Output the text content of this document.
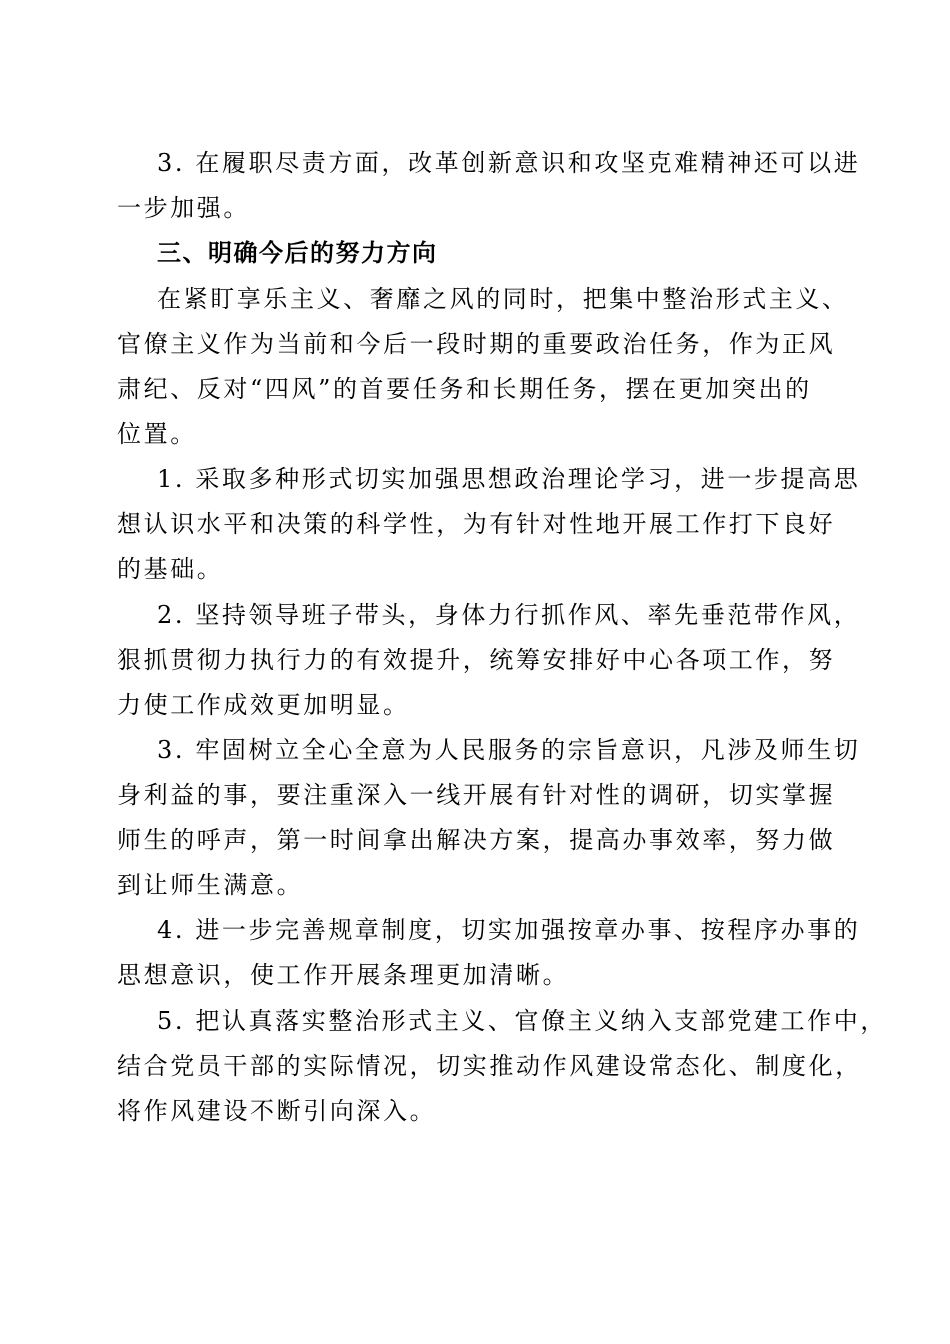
3. 在履职尽责方面，改革创新意识和攻坚克难精神还可以进
一步加强。
三、明确今后的努力方向
在紧盯享乐主义、奢靡之风的同时，把集中整治形式主义、
官僚主义作为当前和今后一段时期的重要政治任务，作为正风
肃纪、反对“四风”的首要任务和长期任务，摆在更加突出的
位置。
1. 采取多种形式切实加强思想政治理论学习，进一步提高思
想认识水平和决策的科学性，为有针对性地开展工作打下良好
的基础。
2. 坚持领导班子带头，身体力行抓作风、率先垂范带作风，
狠抓贯彻力执行力的有效提升，统筹安排好中心各项工作，努
力使工作成效更加明显。
3. 牢固树立全心全意为人民服务的宗旨意识，凡涉及师生切
身利益的事，要注重深入一线开展有针对性的调研，切实掌握
师生的呼声，第一时间拿出解决方案，提高办事效率，努力做
到让师生满意。
4. 进一步完善规章制度，切实加强按章办事、按程序办事的
思想意识，使工作开展条理更加清晰。
5. 把认真落实整治形式主义、官僚主义纳入支部党建工作中，
结合党员干部的实际情况，切实推动作风建设常态化、制度化，
将作风建设不断引向深入。
